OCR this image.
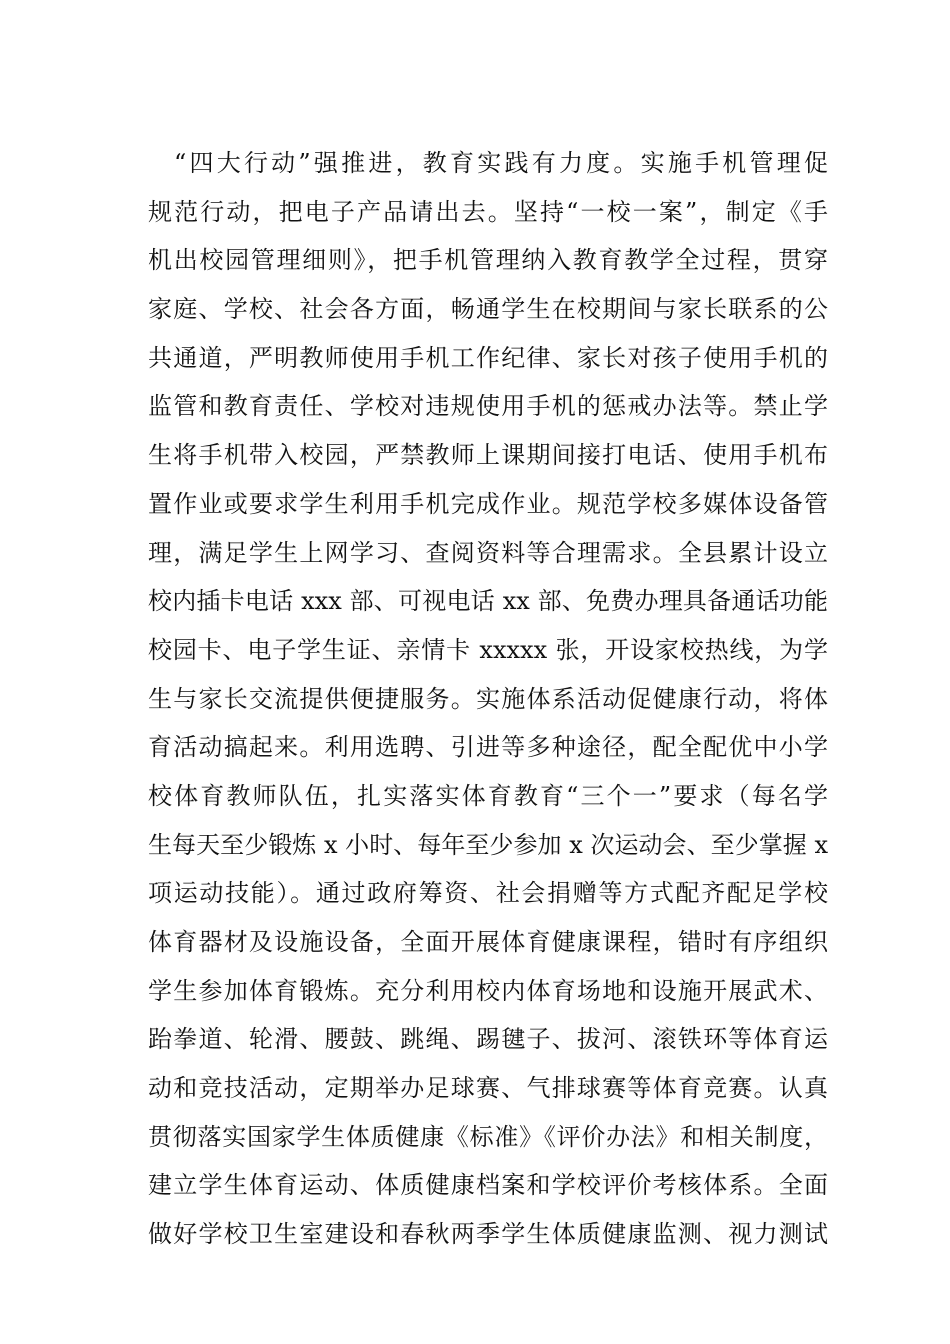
“四大行动”强推进，教育实践有力度。实施手机管理促
规范行动，把电子产品请出去。坚持“一校一案”，制定《手
机出校园管理细则》，把手机管理纳入教育教学全过程，贯穿
家庭、学校、社会各方面，畅通学生在校期间与家长联系的公
共通道，严明教师使用手机工作纪律、家长对孩子使用手机的
监管和教育责任、学校对违规使用手机的惩戒办法等。禁止学
生将手机带入校园，严禁教师上课期间接打电话、使用手机布
置作业或要求学生利用手机完成作业。规范学校多媒体设备管
理，满足学生上网学习、查阅资料等合理需求。全县累计设立
校内插卡电话 xxx 部、可视电话 xx 部、免费办理具备通话功能
校园卡、电子学生证、亲情卡 xxxxx 张，开设家校热线，为学
生与家长交流提供便捷服务。实施体系活动促健康行动，将体
育活动搞起来。利用选聘、引进等多种途径，配全配优中小学
校体育教师队伍，扎实落实体育教育“三个一”要求（每名学
生每天至少锻炼 x 小时、每年至少参加 x 次运动会、至少掌握 x
项运动技能）。通过政府筹资、社会捐赠等方式配齐配足学校
体育器材及设施设备，全面开展体育健康课程，错时有序组织
学生参加体育锻炼。充分利用校内体育场地和设施开展武术、
跆拳道、轮滑、腰鼓、跳绳、踢毽子、拔河、滚铁环等体育运
动和竞技活动，定期举办足球赛、气排球赛等体育竞赛。认真
贯彻落实国家学生体质健康《标准》《评价办法》和相关制度，
建立学生体育运动、体质健康档案和学校评价考核体系。全面
做好学校卫生室建设和春秋两季学生体质健康监测、视力测试
